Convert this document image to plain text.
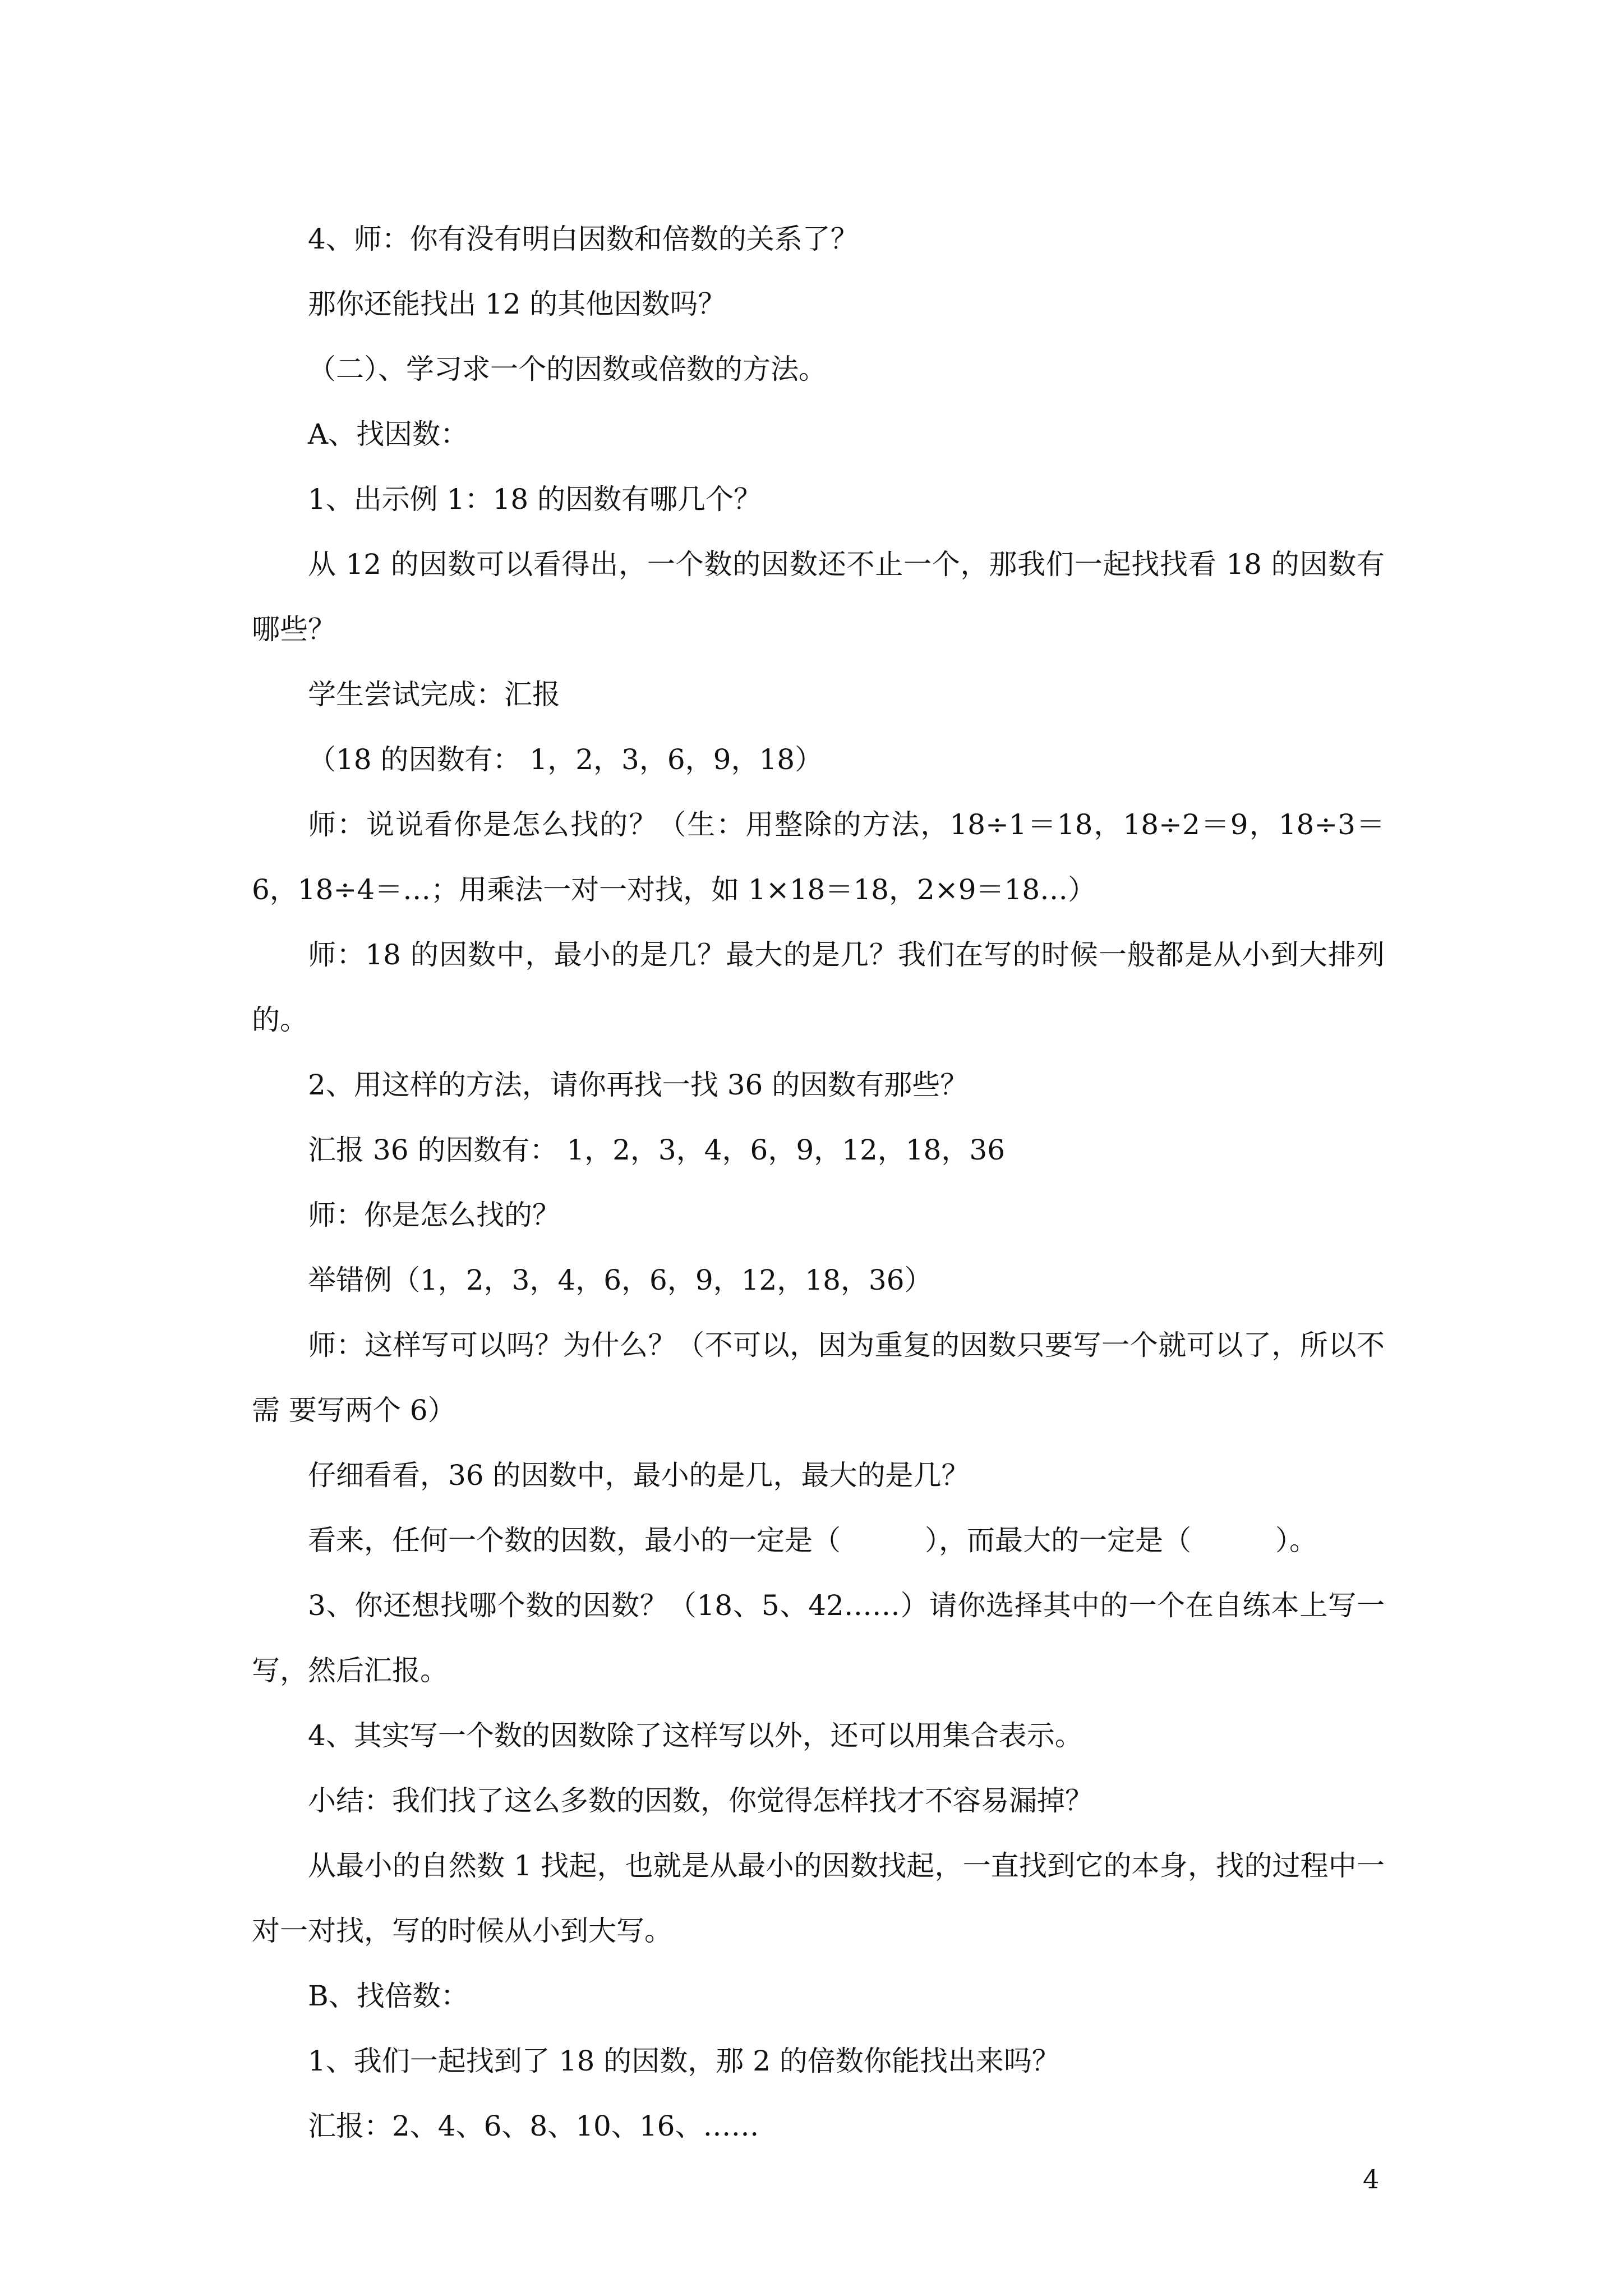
4、师：你有没有明白因数和倍数的关系了？

那你还能找出 12 的其他因数吗？

（二）、学习求一个的因数或倍数的方法。

A、找因数：

1、出示例 1：18 的因数有哪几个？

从 12 的因数可以看得出，一个数的因数还不止一个，那我们一起找找看 18 的因数有哪些？

学生尝试完成：汇报

（18 的因数有： 1，2，3，6，9，18）

师：说说看你是怎么找的？（生：用整除的方法，18÷1＝18，18÷2＝9，18÷3＝6，18÷4＝…；用乘法一对一对找，如 1×18＝18，2×9＝18…）

师：18 的因数中，最小的是几？最大的是几？我们在写的时候一般都是从小到大排列的。

2、用这样的方法，请你再找一找 36 的因数有那些？

汇报 36 的因数有： 1，2，3，4，6，9，12，18，36

师：你是怎么找的？

举错例（1，2，3，4，6，6，9，12，18，36）

师：这样写可以吗？为什么？（不可以，因为重复的因数只要写一个就可以了，所以不需 要写两个 6）

仔细看看，36 的因数中，最小的是几，最大的是几？

看来，任何一个数的因数，最小的一定是（　　　），而最大的一定是（　　　）。

3、你还想找哪个数的因数？（18、5、42……）请你选择其中的一个在自练本上写一写，然后汇报。

4、其实写一个数的因数除了这样写以外，还可以用集合表示。

小结：我们找了这么多数的因数，你觉得怎样找才不容易漏掉？

从最小的自然数 1 找起，也就是从最小的因数找起，一直找到它的本身，找的过程中一对一对找，写的时候从小到大写。

B、找倍数：

1、我们一起找到了 18 的因数，那 2 的倍数你能找出来吗？

汇报：2、4、6、8、10、16、……

4
